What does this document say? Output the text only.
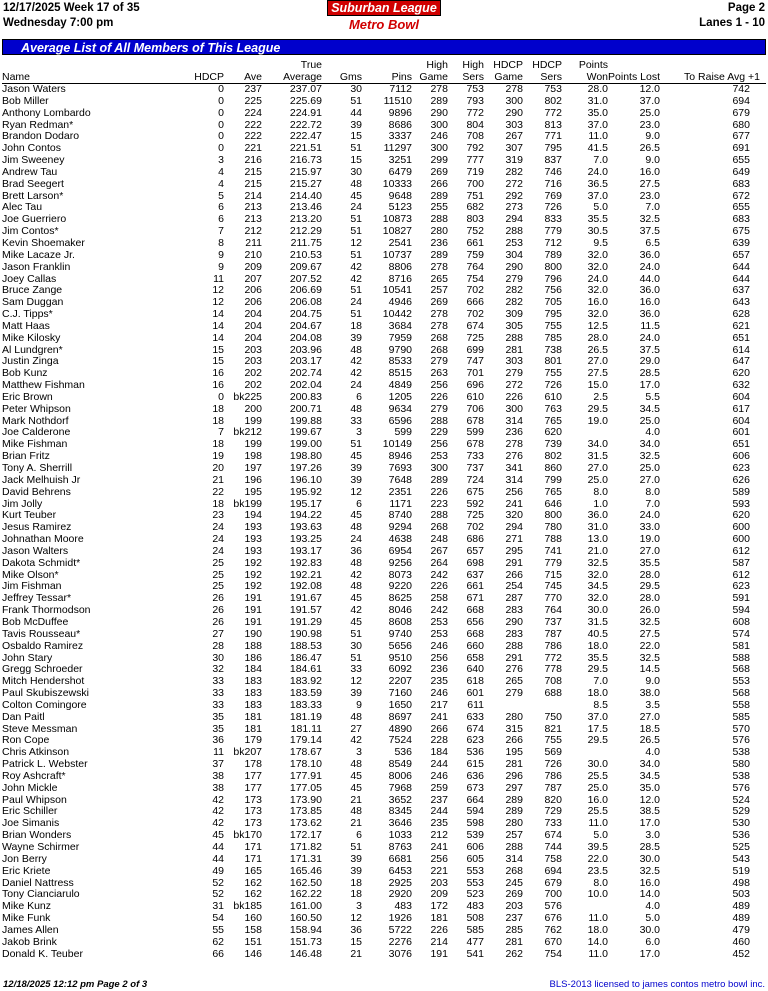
12/17/2025 Week 17 of 35	Suburban League	Page 2
Wednesday 7:00 pm	Metro Bowl	Lanes 1 - 10
Average List of All Members of This League
Name	HDCP	Ave	True Average	Gms	Pins	High Game	High Sers	HDCP Game	HDCP Sers	Points Won	Points Lost	To Raise Avg +1
Jason Waters	0	237	237.07	30	7112	278	753	278	753	28.0	12.0	742
Bob Miller	0	225	225.69	51	11510	289	793	300	802	31.0	37.0	694
Anthony Lombardo	0	224	224.91	44	9896	290	772	290	772	35.0	25.0	679
Ryan Redman*	0	222	222.72	39	8686	300	804	303	813	37.0	23.0	680
Brandon Dodaro	0	222	222.47	15	3337	246	708	267	771	11.0	9.0	677
John Contos	0	221	221.51	51	11297	300	792	307	795	41.5	26.5	691
Jim Sweeney	3	216	216.73	15	3251	299	777	319	837	7.0	9.0	655
Andrew Tau	4	215	215.97	30	6479	269	719	282	746	24.0	16.0	649
Brad Seegert	4	215	215.27	48	10333	266	700	272	716	36.5	27.5	683
Brett Larson*	5	214	214.40	45	9648	289	751	292	769	37.0	23.0	672
Alec Tau	6	213	213.46	24	5123	255	682	273	726	5.0	7.0	655
Joe Guerriero	6	213	213.20	51	10873	288	803	294	833	35.5	32.5	683
Jim Contos*	7	212	212.29	51	10827	280	752	288	779	30.5	37.5	675
Kevin Shoemaker	8	211	211.75	12	2541	236	661	253	712	9.5	6.5	639
Mike Lacaze Jr.	9	210	210.53	51	10737	289	759	304	789	32.0	36.0	657
Jason Franklin	9	209	209.67	42	8806	278	764	290	800	32.0	24.0	644
Joey Callas	11	207	207.52	42	8716	265	754	279	796	24.0	44.0	644
Bruce Zange	12	206	206.69	51	10541	257	702	282	756	32.0	36.0	637
Sam Duggan	12	206	206.08	24	4946	269	666	282	705	16.0	16.0	643
C.J. Tipps*	14	204	204.75	51	10442	278	702	309	795	32.0	36.0	628
Matt Haas	14	204	204.67	18	3684	278	674	305	755	12.5	11.5	621
Mike Kilosky	14	204	204.08	39	7959	268	725	288	785	28.0	24.0	651
Al Lundgren*	15	203	203.96	48	9790	268	699	281	738	26.5	37.5	614
Justin Zinga	15	203	203.17	42	8533	279	747	303	801	27.0	29.0	647
Bob Kunz	16	202	202.74	42	8515	263	701	279	755	27.5	28.5	620
Matthew Fishman	16	202	202.04	24	4849	256	696	272	726	15.0	17.0	632
Eric Brown	0	bk225	200.83	6	1205	226	610	226	610	2.5	5.5	604
Peter Whipson	18	200	200.71	48	9634	279	706	300	763	29.5	34.5	617
Mark Nothdorf	18	199	199.88	33	6596	288	678	314	765	19.0	25.0	604
Joe Calderone	7	bk212	199.67	3	599	229	599	236	620		4.0	601
Mike Fishman	18	199	199.00	51	10149	256	678	278	739	34.0	34.0	651
Brian Fritz	19	198	198.80	45	8946	253	733	276	802	31.5	32.5	606
Tony A. Sherrill	20	197	197.26	39	7693	300	737	341	860	27.0	25.0	623
Jack Melhuish Jr	21	196	196.10	39	7648	289	724	314	799	25.0	27.0	626
David Behrens	22	195	195.92	12	2351	226	675	256	765	8.0	8.0	589
Jim Jolly	18	bk199	195.17	6	1171	223	592	241	646	1.0	7.0	593
Kurt Teuber	23	194	194.22	45	8740	288	725	320	800	36.0	24.0	620
Jesus Ramirez	24	193	193.63	48	9294	268	702	294	780	31.0	33.0	600
Johnathan Moore	24	193	193.25	24	4638	248	686	271	788	13.0	19.0	600
Jason Walters	24	193	193.17	36	6954	267	657	295	741	21.0	27.0	612
Dakota Schmidt*	25	192	192.83	48	9256	264	698	291	779	32.5	35.5	587
Mike Olson*	25	192	192.21	42	8073	242	637	266	715	32.0	28.0	612
Jim Fishman	25	192	192.08	48	9220	226	661	254	745	34.5	29.5	623
Jeffrey Tessar*	26	191	191.67	45	8625	258	671	287	770	32.0	28.0	591
Frank Thormodson	26	191	191.57	42	8046	242	668	283	764	30.0	26.0	594
Bob McDuffee	26	191	191.29	45	8608	253	656	290	737	31.5	32.5	608
Tavis Rousseau*	27	190	190.98	51	9740	253	668	283	787	40.5	27.5	574
Osbaldo Ramirez	28	188	188.53	30	5656	246	660	288	786	18.0	22.0	581
John Stary	30	186	186.47	51	9510	256	658	291	772	35.5	32.5	588
Gregg Schroeder	32	184	184.61	33	6092	236	640	276	778	29.5	14.5	568
Mitch Hendershot	33	183	183.92	12	2207	235	618	265	708	7.0	9.0	553
Paul Skubiszewski	33	183	183.59	39	7160	246	601	279	688	18.0	38.0	568
Colton Comingore	33	183	183.33	9	1650	217	611			8.5	3.5	558
Dan Paitl	35	181	181.19	48	8697	241	633	280	750	37.0	27.0	585
Steve Messman	35	181	181.11	27	4890	266	674	315	821	17.5	18.5	570
Ron Cope	36	179	179.14	42	7524	228	623	266	755	29.5	26.5	576
Chris Atkinson	11	bk207	178.67	3	536	184	536	195	569		4.0	538
Patrick L. Webster	37	178	178.10	48	8549	244	615	281	726	30.0	34.0	580
Roy Ashcraft*	38	177	177.91	45	8006	246	636	296	786	25.5	34.5	538
John Mickle	38	177	177.05	45	7968	259	673	297	787	25.0	35.0	576
Paul Whipson	42	173	173.90	21	3652	237	664	289	820	16.0	12.0	524
Eric Schiller	42	173	173.85	48	8345	244	594	289	729	25.5	38.5	529
Joe Simanis	42	173	173.62	21	3646	235	598	280	733	11.0	17.0	530
Brian Wonders	45	bk170	172.17	6	1033	212	539	257	674	5.0	3.0	536
Wayne Schirmer	44	171	171.82	51	8763	241	606	288	744	39.5	28.5	525
Jon Berry	44	171	171.31	39	6681	256	605	314	758	22.0	30.0	543
Eric Kriete	49	165	165.46	39	6453	221	553	268	694	23.5	32.5	519
Daniel Nattress	52	162	162.50	18	2925	203	553	245	679	8.0	16.0	498
Tony Cianciarulo	52	162	162.22	18	2920	209	523	269	700	10.0	14.0	503
Mike Kunz	31	bk185	161.00	3	483	172	483	203	576		4.0	489
Mike Funk	54	160	160.50	12	1926	181	508	237	676	11.0	5.0	489
James Allen	55	158	158.94	36	5722	226	585	285	762	18.0	30.0	479
Jakob Brink	62	151	151.73	15	2276	214	477	281	670	14.0	6.0	460
Donald K. Teuber	66	146	146.48	21	3076	191	541	262	754	11.0	17.0	452
12/18/2025 12:12 pm Page 2 of 3	BLS-2013 licensed to james contos metro bowl inc.
